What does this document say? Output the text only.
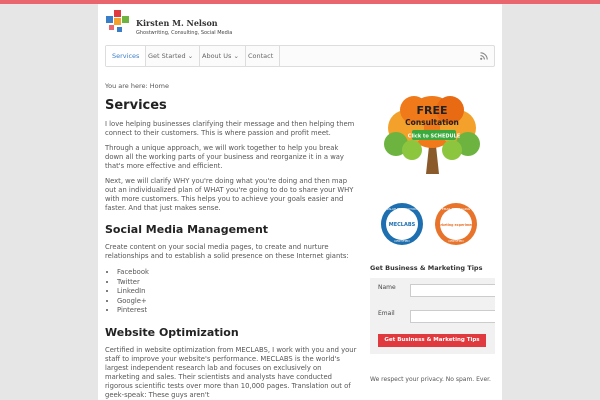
Kirsten M. Nelson
Ghostwriting, Consulting, Social Media
Services	Get Started ⌄	About Us ⌄	Contact
You are here: Home
Services

I love helping businesses clarifying their message and then helping them connect to their customers. This is where passion and profit meet.

Through a unique approach, we will work together to help you break down all the working parts of your business and reorganize it in a way that's more effective and efficient.

Next, we will clarify WHY you're doing what you're doing and then map out an individualized plan of WHAT you're going to do to share your WHY with more customers. This helps you to achieve your goals easier and faster. And that just makes sense.

Social Media Management

Create content on your social media pages, to create and nurture relationships and to establish a solid presence on these Internet giants:

• Facebook
• Twitter
• LinkedIn
• Google+
• Pinterest
Website Optimization

Certified in website optimization from MECLABS, I work with you and your staff to improve your website's performance. MECLABS is the world's largest independent research lab and focuses on exclusively on marketing and sales. Their scientists and analysts have conducted rigorous scientific tests over more than 10,000 pages. Translation out of geek-speak: These guys aren't

FREE
Consultation
Click to SCHEDULE
VALUE PROPOSITION
MECLABS
CERTIFIED
EMAIL MESSAGING
marketing experiments
CERTIFIED
Get Business & Marketing Tips
Name
Email
Get Business & Marketing Tips
We respect your privacy. No spam. Ever.
